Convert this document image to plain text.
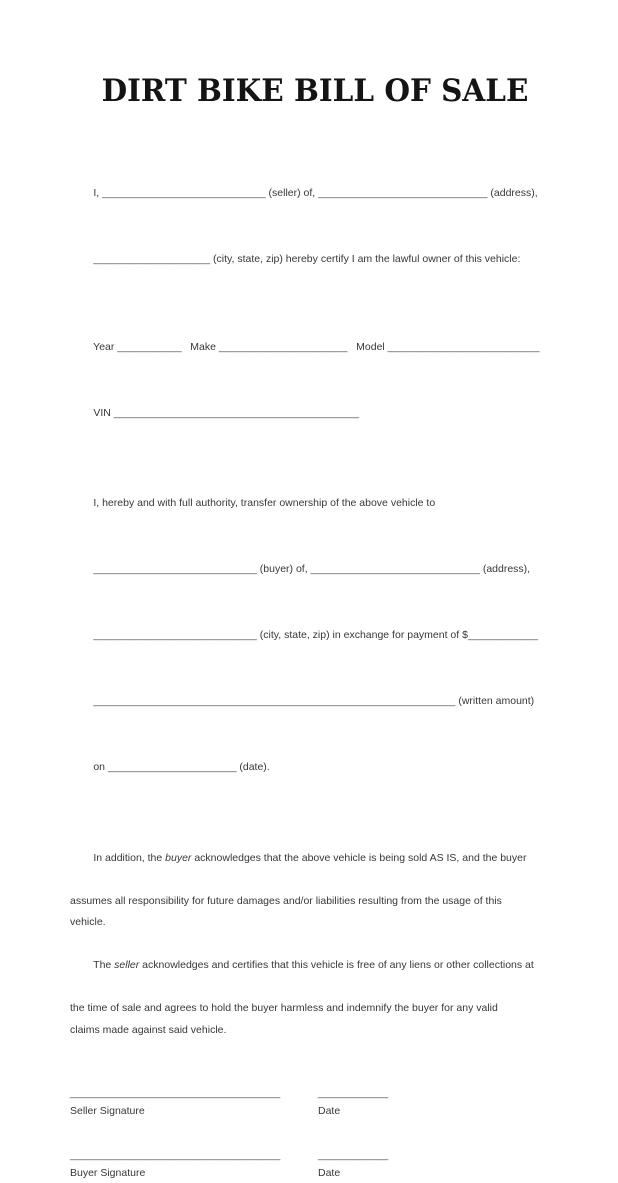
DIRT BIKE BILL OF SALE

I, ____________________________ (seller) of, _____________________________ (address),

____________________ (city, state, zip) hereby certify I am the lawful owner of this vehicle:

Year ___________   Make ______________________   Model __________________________

VIN __________________________________________

I, hereby and with full authority, transfer ownership of the above vehicle to

____________________________ (buyer) of, _____________________________ (address),

____________________________ (city, state, zip) in exchange for payment of $____________

______________________________________________________________ (written amount)

on ______________________ (date).

In addition, the buyer acknowledges that the above vehicle is being sold AS IS, and the buyer

assumes all responsibility for future damages and/or liabilities resulting from the usage of this
vehicle.

The seller acknowledges and certifies that this vehicle is free of any liens or other collections at

the time of sale and agrees to hold the buyer harmless and indemnify the buyer for any valid
claims made against said vehicle.
____________________________________	____________
Seller Signature	Date
____________________________________	____________
Buyer Signature	Date
